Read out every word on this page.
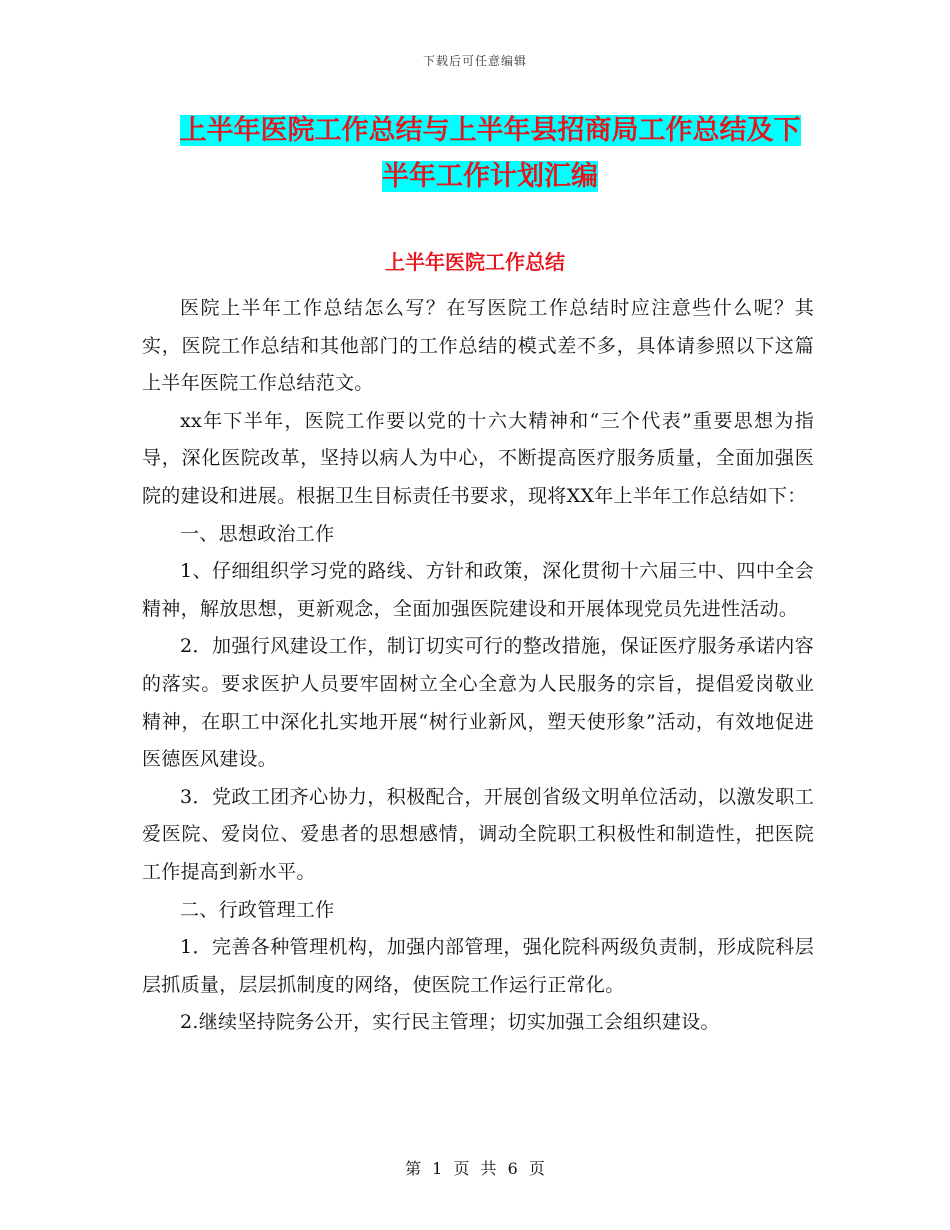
下载后可任意编辑
上半年医院工作总结与上半年县招商局工作总结及下
半年工作计划汇编
上半年医院工作总结

医院上半年工作总结怎么写？在写医院工作总结时应注意些什么呢？其实，医院工作总结和其他部门的工作总结的模式差不多，具体请参照以下这篇上半年医院工作总结范文。

xx年下半年，医院工作要以党的十六大精神和“三个代表”重要思想为指导，深化医院改革，坚持以病人为中心，不断提高医疗服务质量，全面加强医院的建设和进展。根据卫生目标责任书要求，现将XX年上半年工作总结如下：

一、思想政治工作

1、仔细组织学习党的路线、方针和政策，深化贯彻十六届三中、四中全会精神，解放思想，更新观念，全面加强医院建设和开展体现党员先进性活动。

2．加强行风建设工作，制订切实可行的整改措施，保证医疗服务承诺内容的落实。要求医护人员要牢固树立全心全意为人民服务的宗旨，提倡爱岗敬业精神，在职工中深化扎实地开展“树行业新风，塑天使形象”活动，有效地促进医德医风建设。

3．党政工团齐心协力，积极配合，开展创省级文明单位活动，以激发职工爱医院、爱岗位、爱患者的思想感情，调动全院职工积极性和制造性，把医院工作提高到新水平。

二、行政管理工作

1．完善各种管理机构，加强内部管理，强化院科两级负责制，形成院科层层抓质量，层层抓制度的网络，使医院工作运行正常化。

2.继续坚持院务公开，实行民主管理；切实加强工会组织建设。

第 1 页 共 6 页
